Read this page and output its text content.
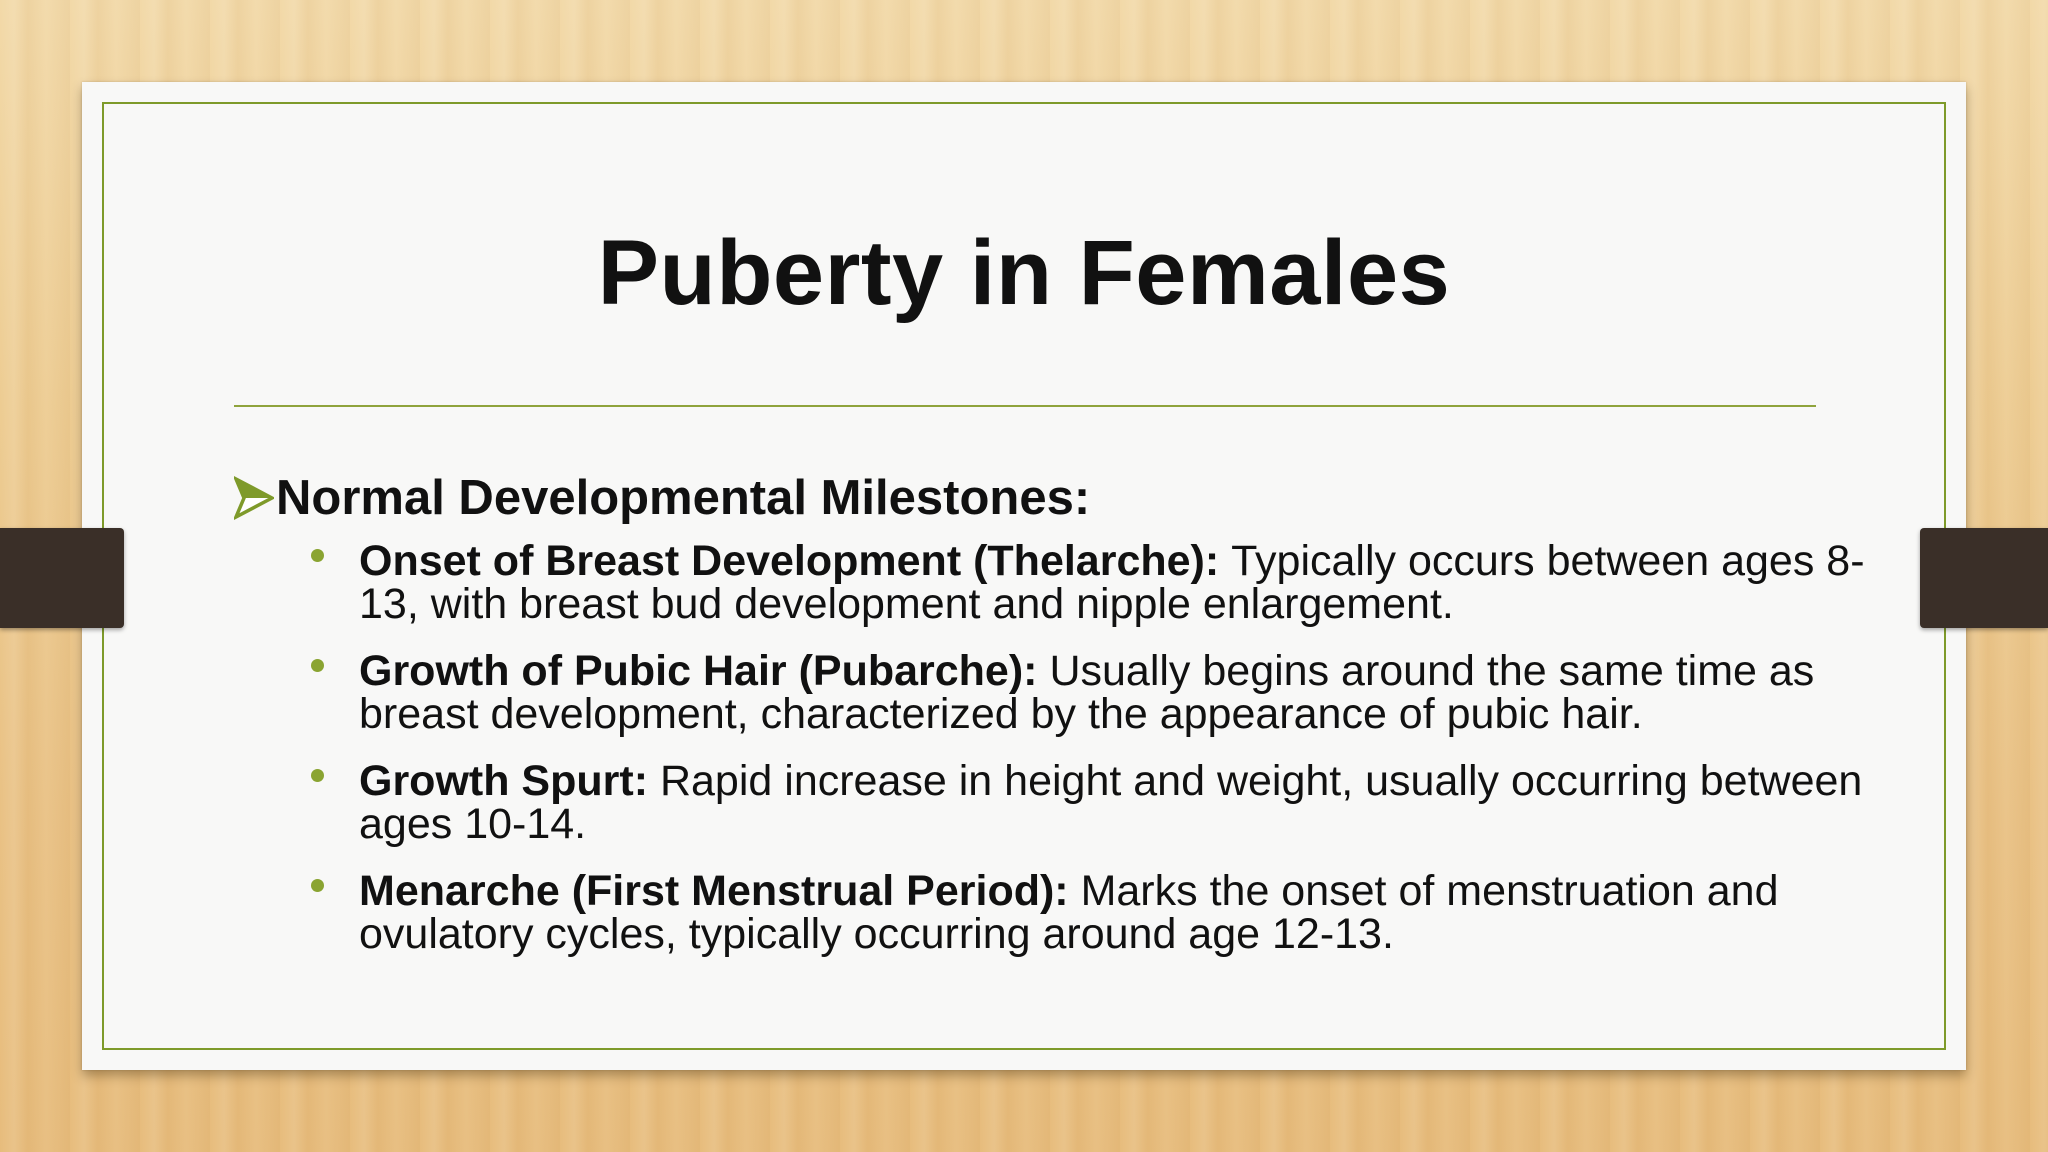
Puberty in Females
Normal Developmental Milestones:
Onset of Breast Development (Thelarche): Typically occurs between ages 8-13, with breast bud development and nipple enlargement.
Growth of Pubic Hair (Pubarche): Usually begins around the same time as breast development, characterized by the appearance of pubic hair.
Growth Spurt: Rapid increase in height and weight, usually occurring between ages 10-14.
Menarche (First Menstrual Period): Marks the onset of menstruation and ovulatory cycles, typically occurring around age 12-13.
